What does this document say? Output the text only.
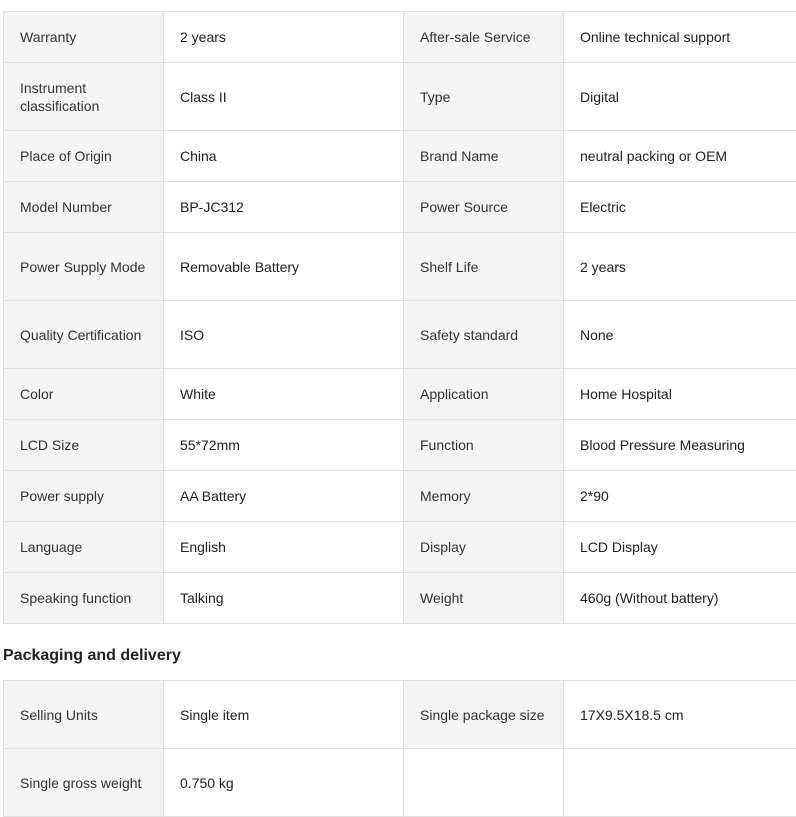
Warranty	2 years	After-sale Service	Online technical support
Instrument classification	Class II	Type	Digital
Place of Origin	China	Brand Name	neutral packing or OEM
Model Number	BP-JC312	Power Source	Electric
Power Supply Mode	Removable Battery	Shelf Life	2 years
Quality Certification	ISO	Safety standard	None
Color	White	Application	Home Hospital
LCD Size	55*72mm	Function	Blood Pressure Measuring
Power supply	AA Battery	Memory	2*90
Language	English	Display	LCD Display
Speaking function	Talking	Weight	460g (Without battery)
Packaging and delivery
Selling Units	Single item	Single package size	17X9.5X18.5 cm
Single gross weight	0.750 kg		
